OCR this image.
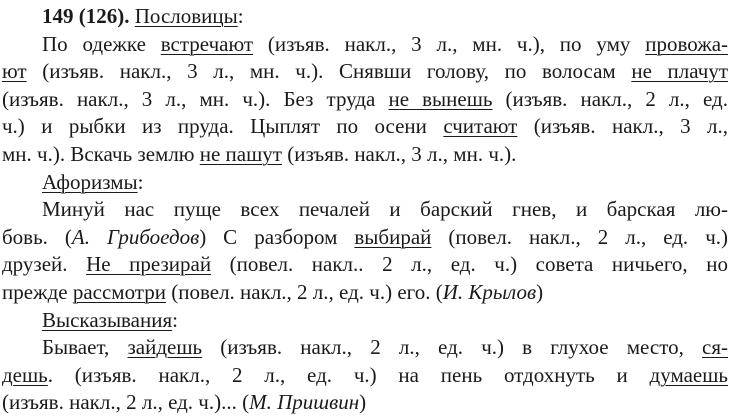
149 (126). Пословицы:
По одежке встречают (изъяв. накл., 3 л., мн. ч.), по уму провожа-
ют (изъяв. накл., 3 л., мн. ч.). Снявши голову, по волосам не плачут
(изъяв. накл., 3 л., мн. ч.). Без труда не вынешь (изъяв. накл., 2 л., ед.
ч.) и рыбки из пруда. Цыплят по осени считают (изъяв. накл., 3 л.,
мн. ч.). Вскачь землю не пашут (изъяв. накл., 3 л., мн. ч.).
Афоризмы:
Минуй нас пуще всех печалей и барский гнев, и барская лю-
бовь. (А. Грибоедов) С разбором выбирай (повел. накл., 2 л., ед. ч.)
друзей. Не презирай (повел. накл.. 2 л., ед. ч.) совета ничьего, но
прежде рассмотри (повел. накл., 2 л., ед. ч.) его. (И. Крылов)
Высказывания:
Бывает, зайдешь (изъяв. накл., 2 л., ед. ч.) в глухое место, ся-
дешь. (изъяв. накл., 2 л., ед. ч.) на пень отдохнуть и думаешь
(изъяв. накл., 2 л., ед. ч.)... (М. Пришвин)
